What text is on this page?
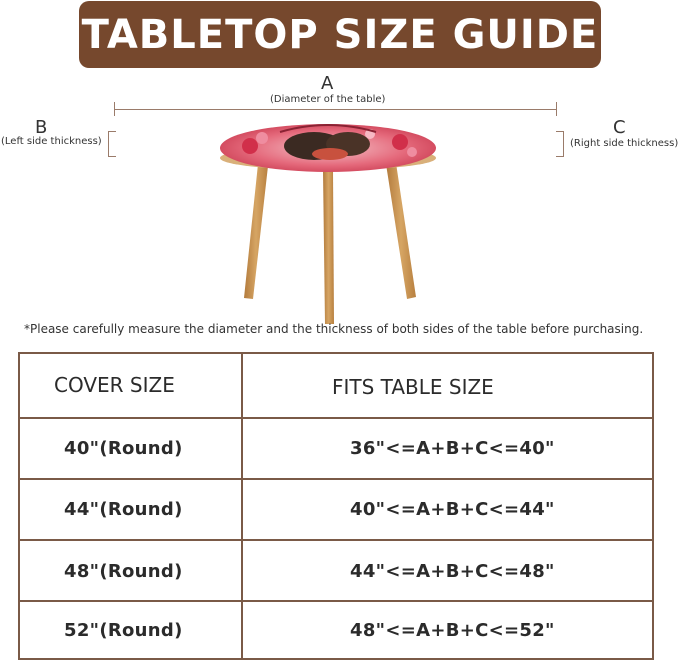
TABLETOP SIZE GUIDE
A
(Diameter of the table)
B
(Left side thickness)
C
(Right side thickness)
*Please carefully measure the diameter and the thickness of both sides of the table before purchasing.
COVER SIZE	FITS TABLE SIZE
40"(Round)	36"<=A+B+C<=40"
44"(Round)	40"<=A+B+C<=44"
48"(Round)	44"<=A+B+C<=48"
52"(Round)	48"<=A+B+C<=52"
